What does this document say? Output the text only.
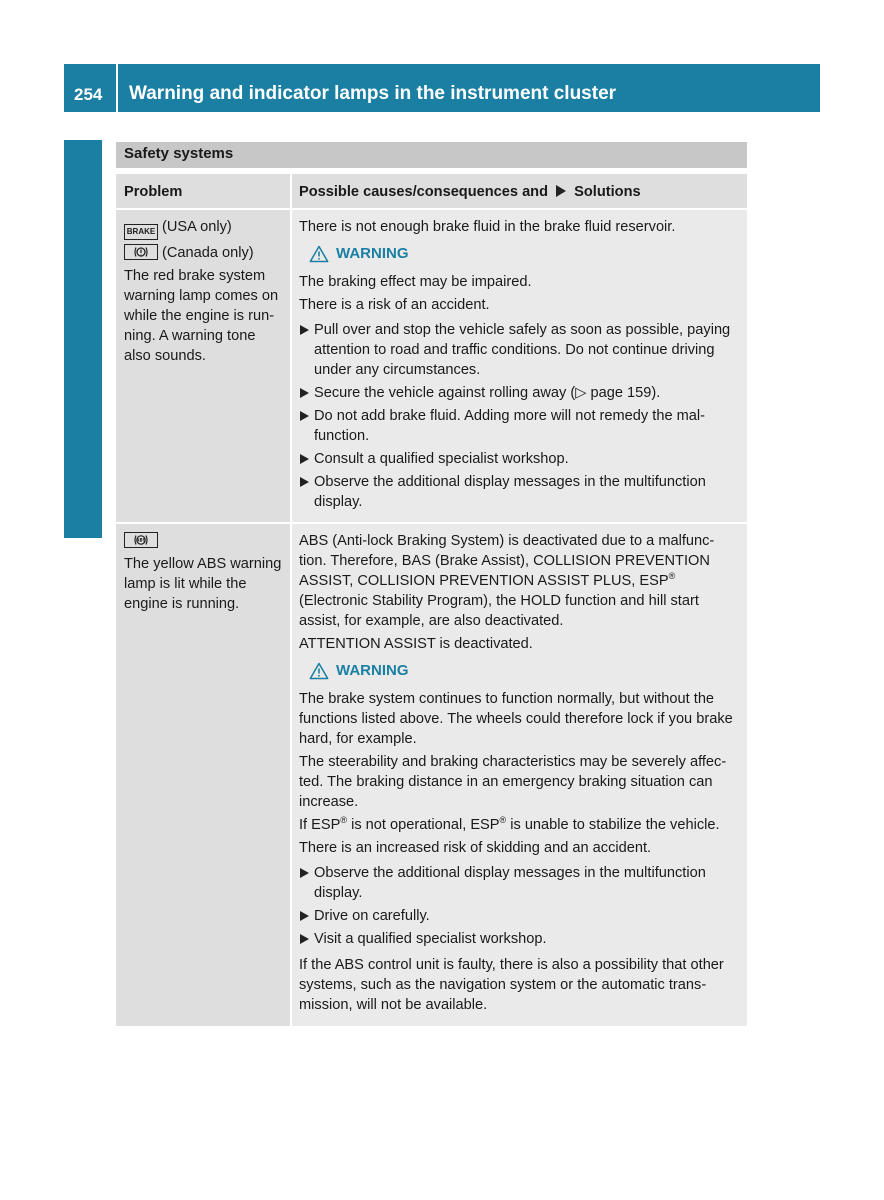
254	Warning and indicator lamps in the instrument cluster
On-board computer and displays
Safety systems
Problem	Possible causes/consequences and Solutions
BRAKE (USA only)
(Canada only)
The red brake system warning lamp comes on while the engine is run-ning. A warning tone also sounds.
There is not enough brake fluid in the brake fluid reservoir.
WARNING
The braking effect may be impaired.
There is a risk of an accident.
Pull over and stop the vehicle safely as soon as possible, paying attention to road and traffic conditions. Do not continue driving under any circumstances.
Secure the vehicle against rolling away (▷ page 159).
Do not add brake fluid. Adding more will not remedy the mal-function.
Consult a qualified specialist workshop.
Observe the additional display messages in the multifunction display.
ABS
The yellow ABS warning lamp is lit while the engine is running.
ABS (Anti-lock Braking System) is deactivated due to a malfunc-tion. Therefore, BAS (Brake Assist), COLLISION PREVENTION ASSIST, COLLISION PREVENTION ASSIST PLUS, ESP® (Electronic Stability Program), the HOLD function and hill start assist, for example, are also deactivated.
ATTENTION ASSIST is deactivated.
WARNING
The brake system continues to function normally, but without the functions listed above. The wheels could therefore lock if you brake hard, for example.
The steerability and braking characteristics may be severely affec-ted. The braking distance in an emergency braking situation can increase.
If ESP® is not operational, ESP® is unable to stabilize the vehicle.
There is an increased risk of skidding and an accident.
Observe the additional display messages in the multifunction display.
Drive on carefully.
Visit a qualified specialist workshop.
If the ABS control unit is faulty, there is also a possibility that other systems, such as the navigation system or the automatic trans-mission, will not be available.
